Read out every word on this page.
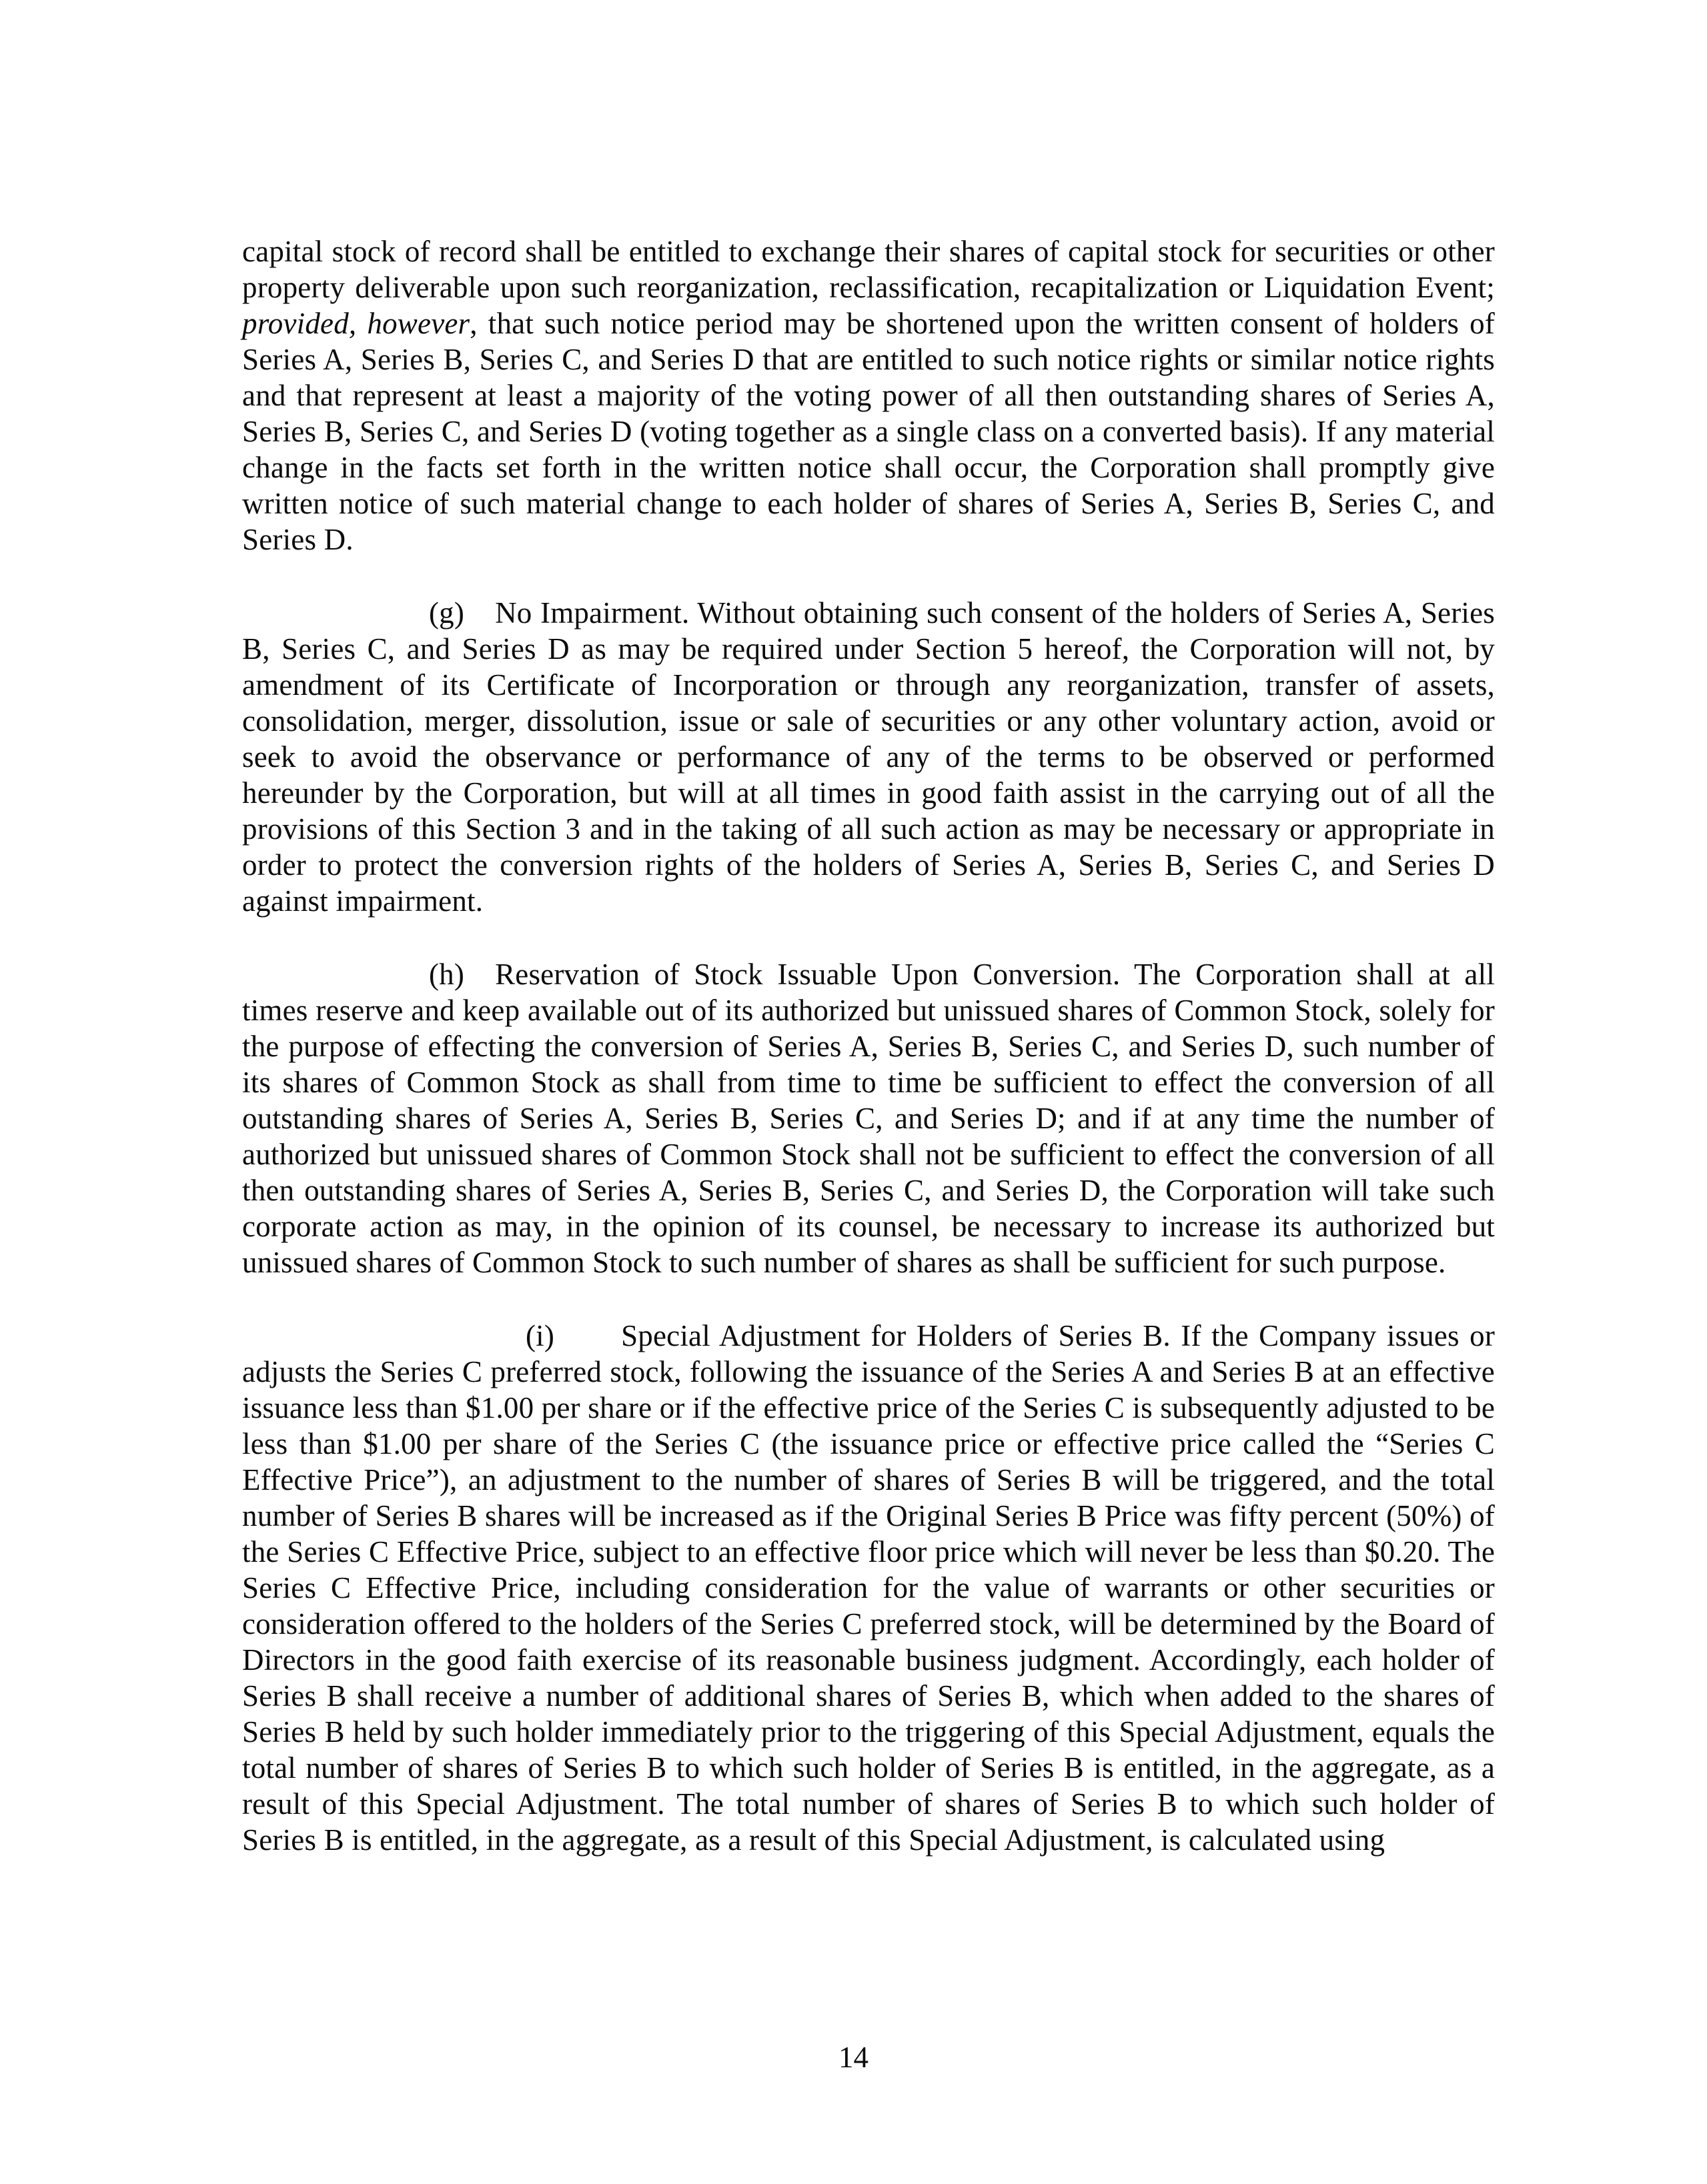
capital stock of record shall be entitled to exchange their shares of capital stock for securities or other property deliverable upon such reorganization, reclassification, recapitalization or Liquidation Event; provided, however, that such notice period may be shortened upon the written consent of holders of Series A, Series B, Series C, and Series D that are entitled to such notice rights or similar notice rights and that represent at least a majority of the voting power of all then outstanding shares of Series A, Series B, Series C, and Series D (voting together as a single class on a converted basis). If any material change in the facts set forth in the written notice shall occur, the Corporation shall promptly give written notice of such material change to each holder of shares of Series A, Series B, Series C, and Series D.

(g) No Impairment. Without obtaining such consent of the holders of Series A, Series B, Series C, and Series D as may be required under Section 5 hereof, the Corporation will not, by amendment of its Certificate of Incorporation or through any reorganization, transfer of assets, consolidation, merger, dissolution, issue or sale of securities or any other voluntary action, avoid or seek to avoid the observance or performance of any of the terms to be observed or performed hereunder by the Corporation, but will at all times in good faith assist in the carrying out of all the provisions of this Section 3 and in the taking of all such action as may be necessary or appropriate in order to protect the conversion rights of the holders of Series A, Series B, Series C, and Series D against impairment.

(h) Reservation of Stock Issuable Upon Conversion. The Corporation shall at all times reserve and keep available out of its authorized but unissued shares of Common Stock, solely for the purpose of effecting the conversion of Series A, Series B, Series C, and Series D, such number of its shares of Common Stock as shall from time to time be sufficient to effect the conversion of all outstanding shares of Series A, Series B, Series C, and Series D; and if at any time the number of authorized but unissued shares of Common Stock shall not be sufficient to effect the conversion of all then outstanding shares of Series A, Series B, Series C, and Series D, the Corporation will take such corporate action as may, in the opinion of its counsel, be necessary to increase its authorized but unissued shares of Common Stock to such number of shares as shall be sufficient for such purpose.

(i) Special Adjustment for Holders of Series B. If the Company issues or adjusts the Series C preferred stock, following the issuance of the Series A and Series B at an effective issuance less than $1.00 per share or if the effective price of the Series C is subsequently adjusted to be less than $1.00 per share of the Series C (the issuance price or effective price called the “Series C Effective Price”), an adjustment to the number of shares of Series B will be triggered, and the total number of Series B shares will be increased as if the Original Series B Price was fifty percent (50%) of the Series C Effective Price, subject to an effective floor price which will never be less than $0.20. The Series C Effective Price, including consideration for the value of warrants or other securities or consideration offered to the holders of the Series C preferred stock, will be determined by the Board of Directors in the good faith exercise of its reasonable business judgment. Accordingly, each holder of Series B shall receive a number of additional shares of Series B, which when added to the shares of Series B held by such holder immediately prior to the triggering of this Special Adjustment, equals the total number of shares of Series B to which such holder of Series B is entitled, in the aggregate, as a result of this Special Adjustment. The total number of shares of Series B to which such holder of Series B is entitled, in the aggregate, as a result of this Special Adjustment, is calculated using

14
